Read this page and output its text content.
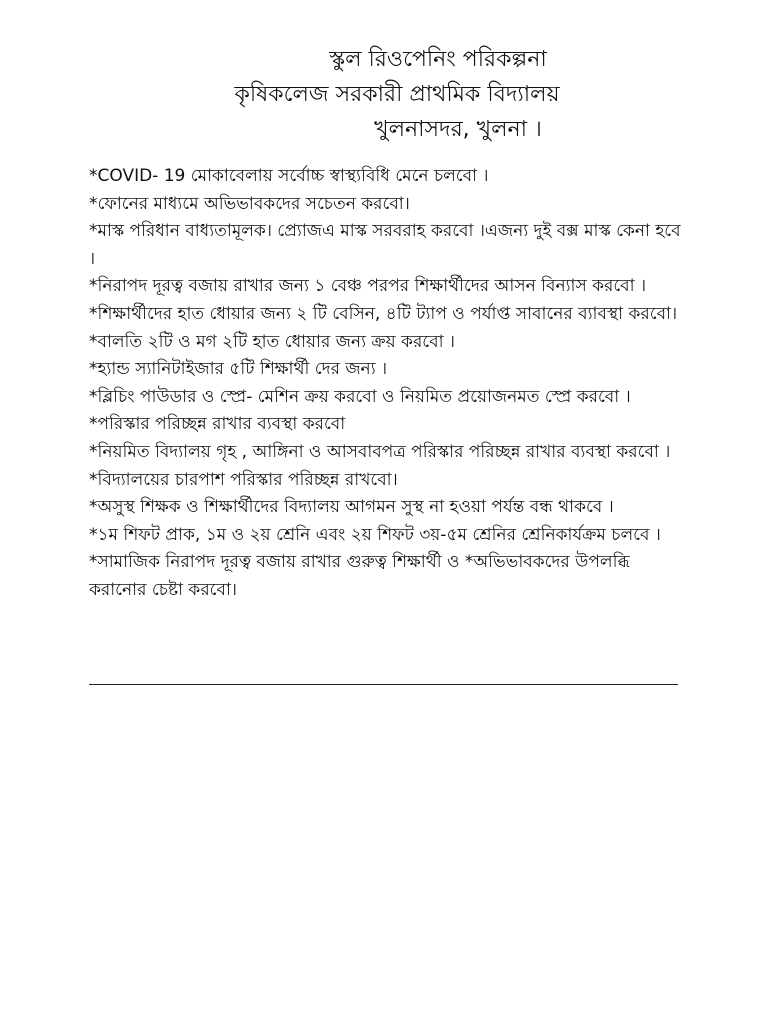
স্কুল রিওপেনিং পরিকল্পনা
কৃষিকলেজ সরকারী প্রাথমিক বিদ্যালয়
খুলনাসদর, খুলনা ।

*COVID- 19 মোকাবেলায় সর্বোচ্চ স্বাস্থ্যবিধি মেনে চলবো ।

*ফোনের মাধ্যমে অভিভাবকদের সচেতন করবো।

*মাস্ক পরিধান বাধ্যতামূলক। প্র্যোজএ মাস্ক সরবরাহ করবো ।এজন্য দুই বক্স মাস্ক কেনা হবে ।

*নিরাপদ দূরত্ব বজায় রাখার জন্য ১ বেঞ্চ পরপর শিক্ষার্থীদের আসন বিন্যাস করবো ।

*শিক্ষার্থীদের হাত ধোয়ার জন্য ২ টি বেসিন, ৪টি ট্যাপ ও পর্যাপ্ত সাবানের ব্যাবস্থা করবো।

*বালতি ২টি ও মগ ২টি হাত ধোয়ার জন্য ক্রয় করবো ।

*হ্যান্ড স্যানিটাইজার ৫টি শিক্ষার্থী দের জন্য ।

*ব্লিচিং পাউডার ও স্প্রে- মেশিন ক্রয় করবো ও নিয়মিত প্রয়োজনমত স্প্রে করবো ।

*পরিস্কার পরিচ্ছন্ন রাখার ব্যবস্থা করবো

*নিয়মিত বিদ্যালয় গৃহ , আঙ্গিনা ও আসবাবপত্র পরিস্কার পরিচ্ছন্ন রাখার ব্যবস্থা করবো ।

*বিদ্যালয়ের চারপাশ পরিস্কার পরিচ্ছন্ন রাখবো।

*অসুস্থ শিক্ষক ও শিক্ষার্থীদের বিদ্যালয় আগমন সুস্থ না হওয়া পর্যন্ত বন্ধ থাকবে ।

*১ম শিফট প্রাক, ১ম ও ২য় শ্রেনি এবং ২য় শিফট ৩য়-৫ম শ্রেনির শ্রেনিকার্যক্রম চলবে ।

*সামাজিক নিরাপদ দূরত্ব বজায় রাখার গুরুত্ব শিক্ষার্থী ও *অভিভাবকদের উপলব্ধি করানোর চেষ্টা করবো।
